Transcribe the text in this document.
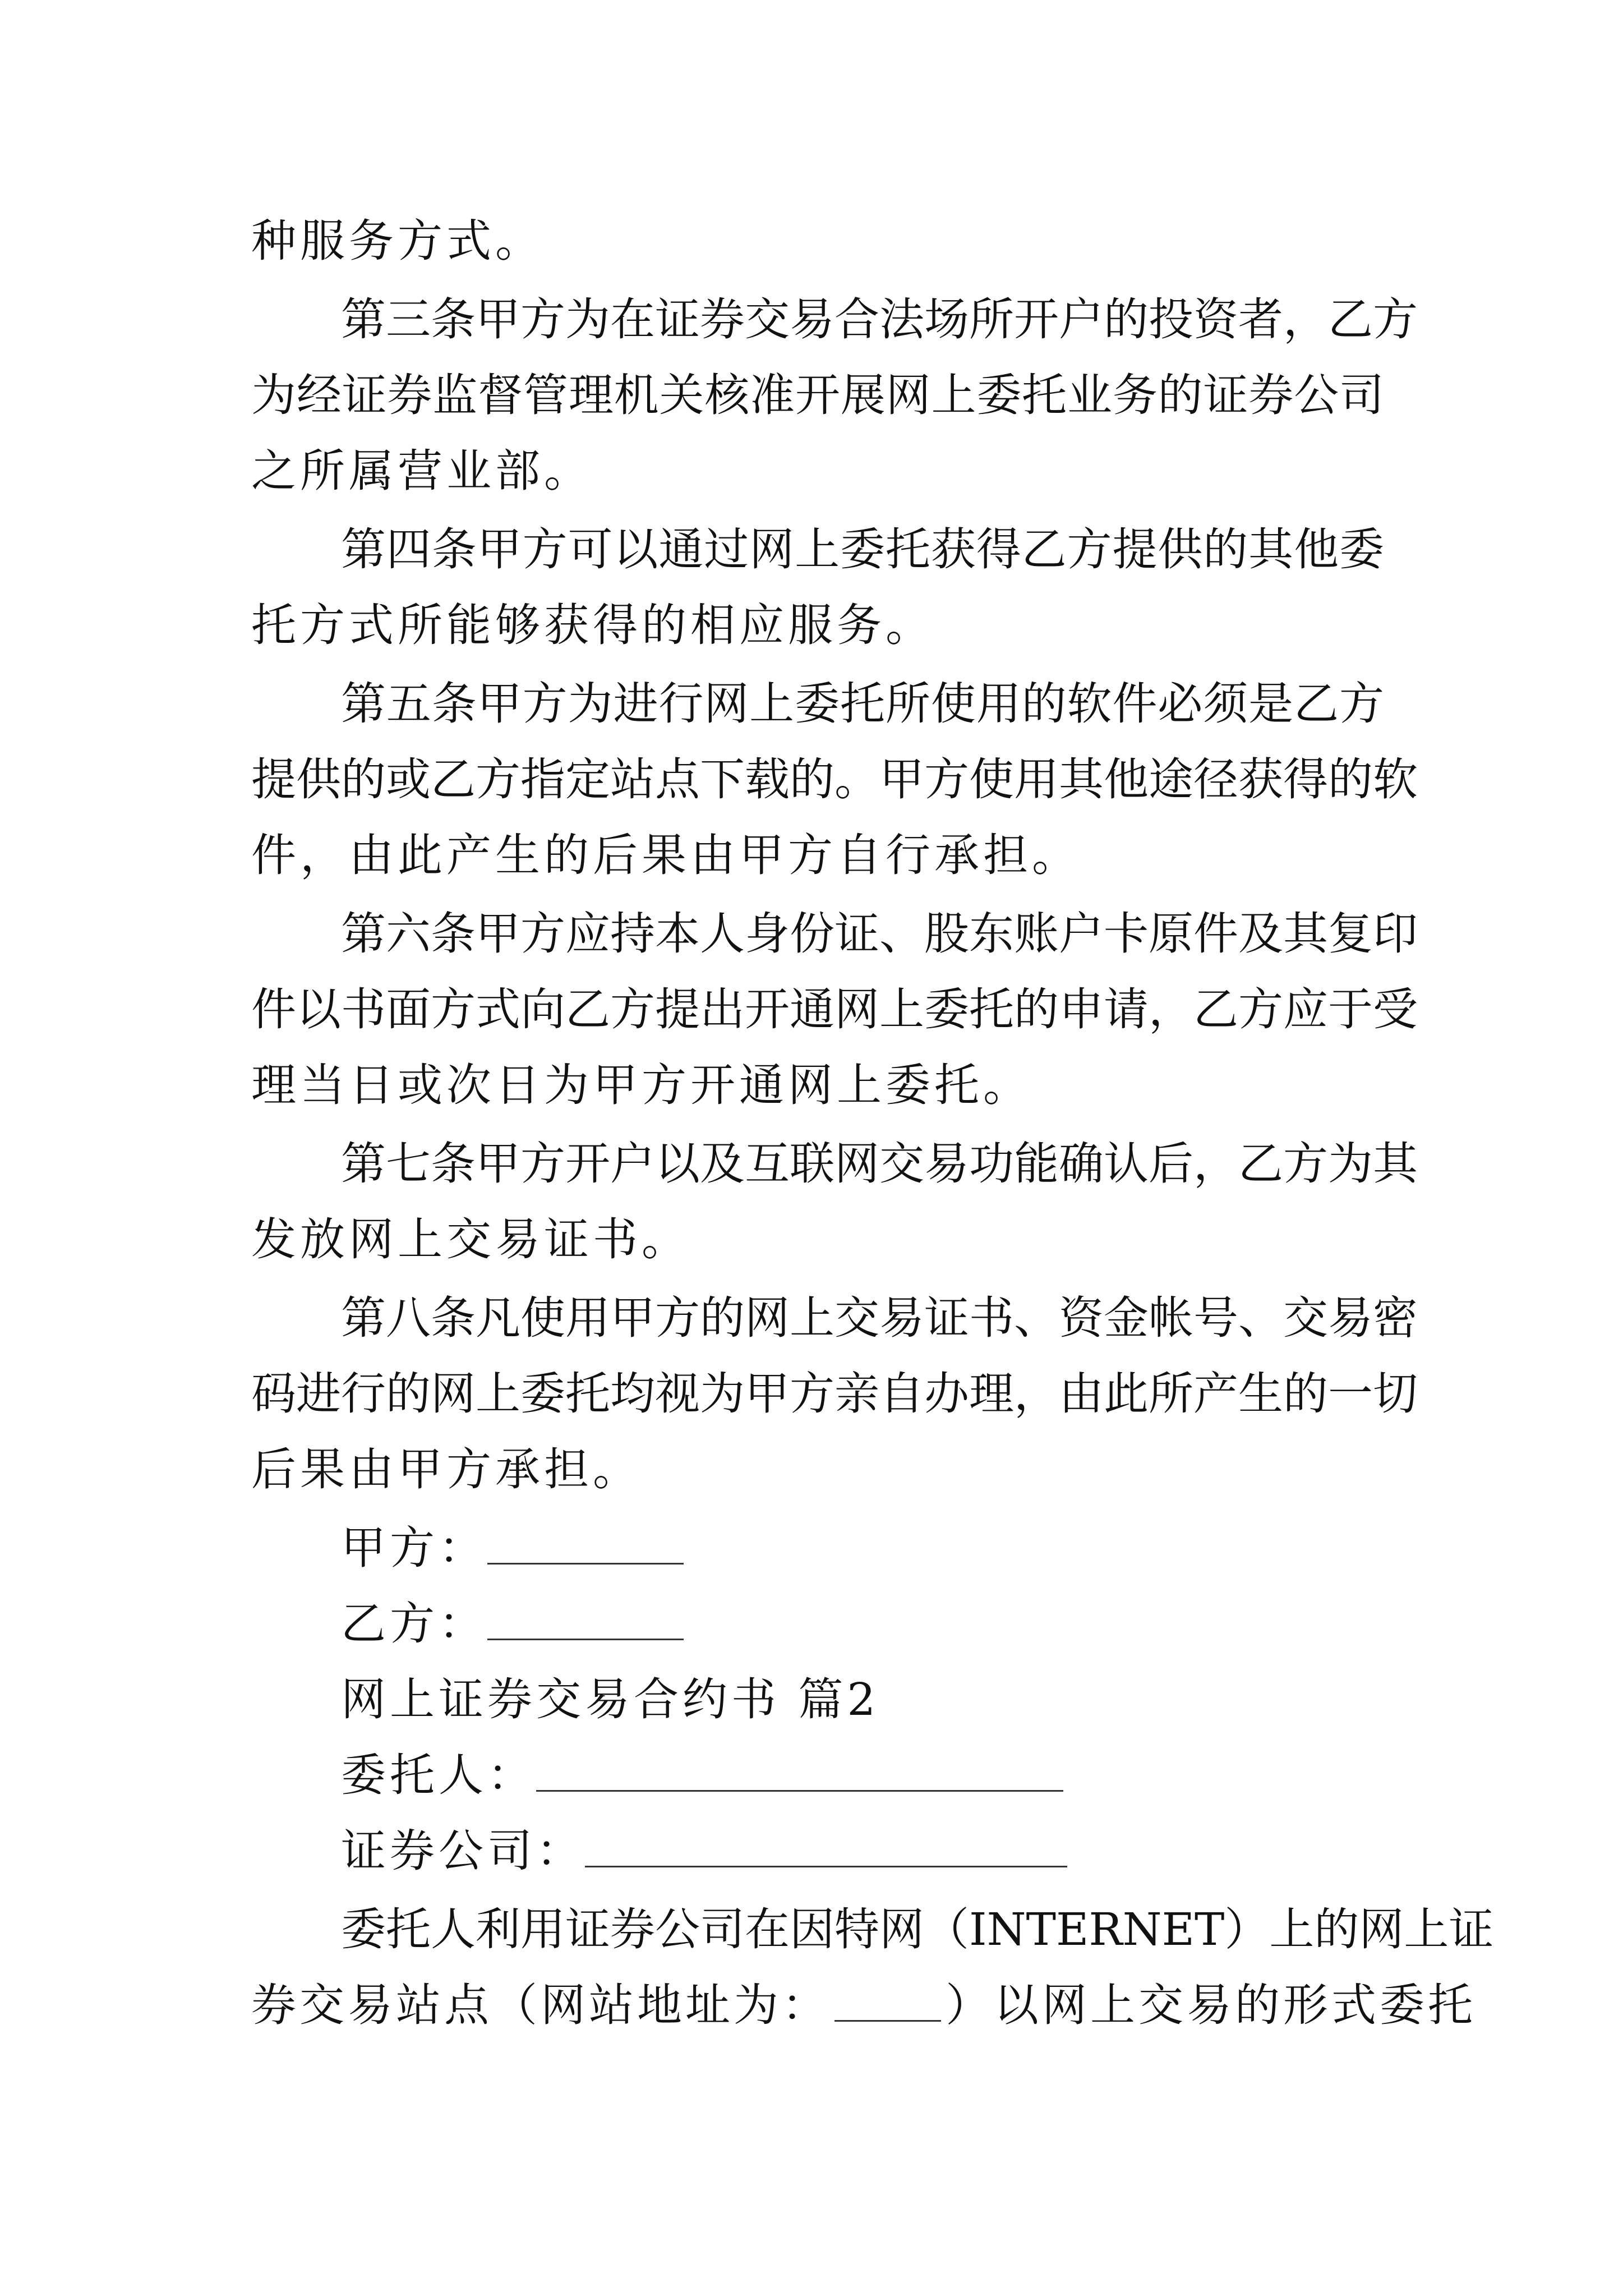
种服务方式。
第三条甲方为在证券交易合法场所开户的投资者，乙方
为经证券监督管理机关核准开展网上委托业务的证券公司
之所属营业部。
第四条甲方可以通过网上委托获得乙方提供的其他委
托方式所能够获得的相应服务。
第五条甲方为进行网上委托所使用的软件必须是乙方
提供的或乙方指定站点下载的。甲方使用其他途径获得的软
件，由此产生的后果由甲方自行承担。
第六条甲方应持本人身份证、股东账户卡原件及其复印
件以书面方式向乙方提出开通网上委托的申请，乙方应于受
理当日或次日为甲方开通网上委托。
第七条甲方开户以及互联网交易功能确认后，乙方为其
发放网上交易证书。
第八条凡使用甲方的网上交易证书、资金帐号、交易密
码进行的网上委托均视为甲方亲自办理，由此所产生的一切
后果由甲方承担。
甲方：
乙方：
网上证券交易合约书 篇2
委托人：
证券公司：
委托人利用证券公司在因特网（INTERNET）上的网上证
券交易站点（网站地址为：	）以网上交易的形式委托
